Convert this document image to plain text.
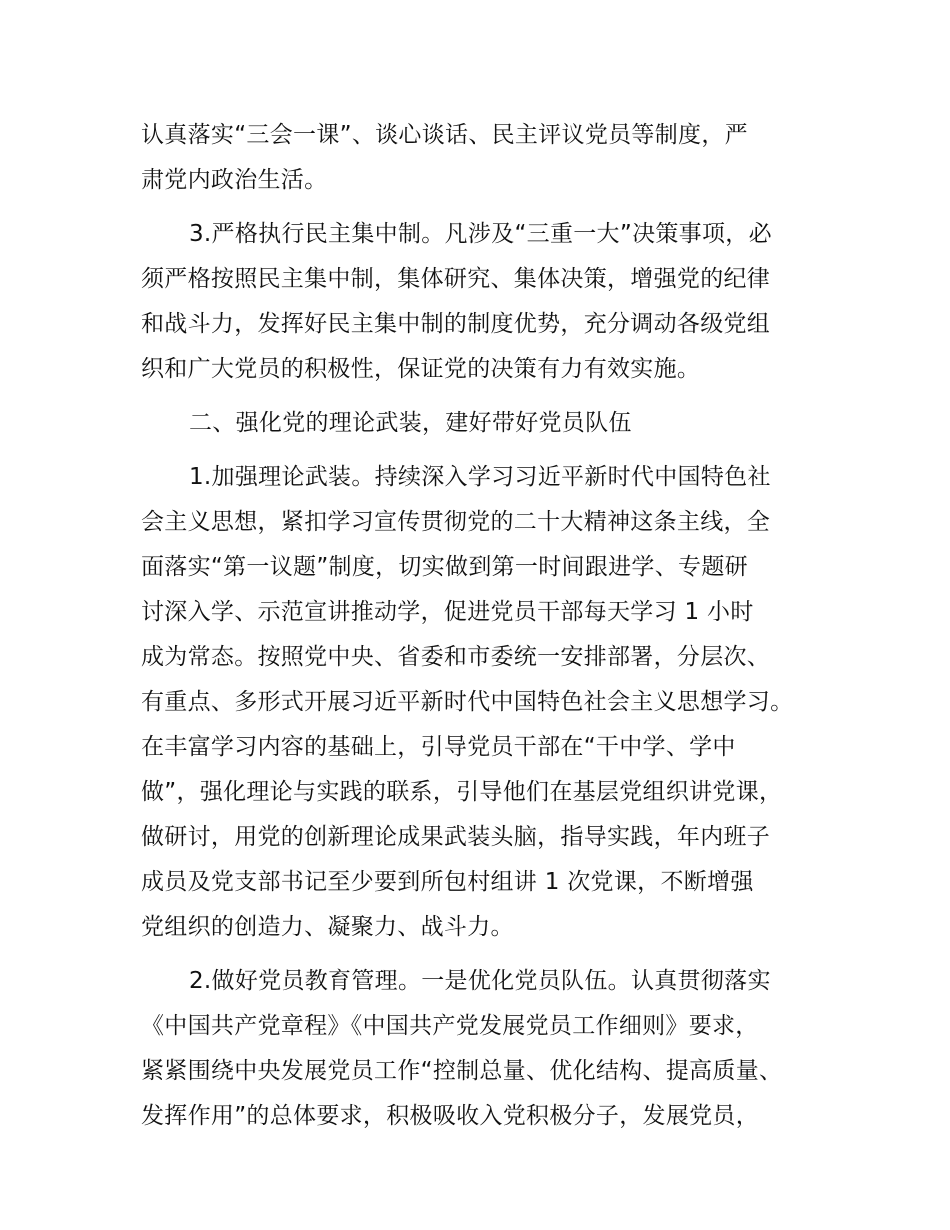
认真落实“三会一课”、谈心谈话、民主评议党员等制度，严
肃党内政治生活。
3.严格执行民主集中制。凡涉及“三重一大”决策事项，必
须严格按照民主集中制，集体研究、集体决策，增强党的纪律
和战斗力，发挥好民主集中制的制度优势，充分调动各级党组
织和广大党员的积极性，保证党的决策有力有效实施。
二、强化党的理论武装，建好带好党员队伍
1.加强理论武装。持续深入学习习近平新时代中国特色社
会主义思想，紧扣学习宣传贯彻党的二十大精神这条主线，全
面落实“第一议题”制度，切实做到第一时间跟进学、专题研
讨深入学、示范宣讲推动学，促进党员干部每天学习 1 小时
成为常态。按照党中央、省委和市委统一安排部署，分层次、
有重点、多形式开展习近平新时代中国特色社会主义思想学习。
在丰富学习内容的基础上，引导党员干部在“干中学、学中
做”，强化理论与实践的联系，引导他们在基层党组织讲党课，
做研讨，用党的创新理论成果武装头脑，指导实践，年内班子
成员及党支部书记至少要到所包村组讲 1 次党课，不断增强
党组织的创造力、凝聚力、战斗力。
2.做好党员教育管理。一是优化党员队伍。认真贯彻落实
《中国共产党章程》《中国共产党发展党员工作细则》要求，
紧紧围绕中央发展党员工作“控制总量、优化结构、提高质量、
发挥作用”的总体要求，积极吸收入党积极分子，发展党员，
